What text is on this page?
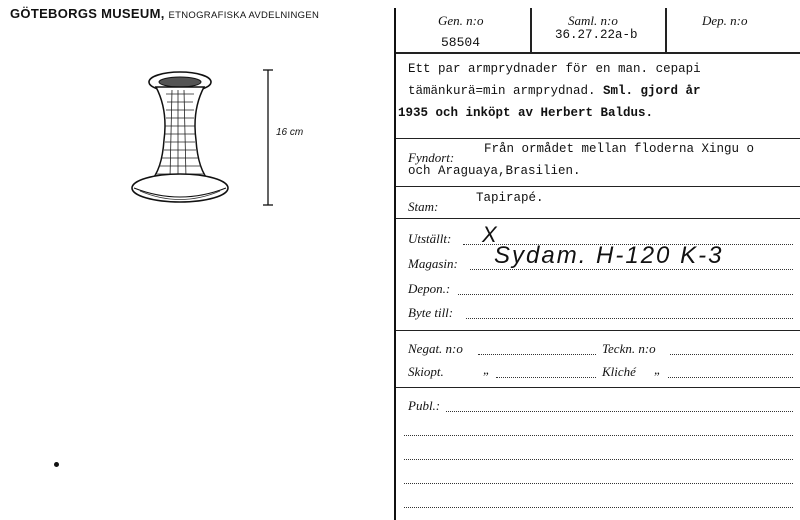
GÖTEBORGS MUSEUM, ETNOGRAFISKA AVDELNINGEN
16 cm
Gen. n:o
58504
Saml. n:o
36.27.22a-b
Dep. n:o
Ett par armprydnader för en man. cepapi
tämänkurä=min armprydnad. Sml. gjord år
1935 och inköpt av Herbert Baldus.
Fyndort:
Från ormådet mellan floderna Xingu o
och Araguaya,Brasilien.
Stam:
Tapirapé.
Utställt: X
Magasin: Sydam. H-120 K-3
Depon.:
Byte till:
Negat. n:o	Teckn. n:o
Skiopt.	„	Kliché „
Publ.:
